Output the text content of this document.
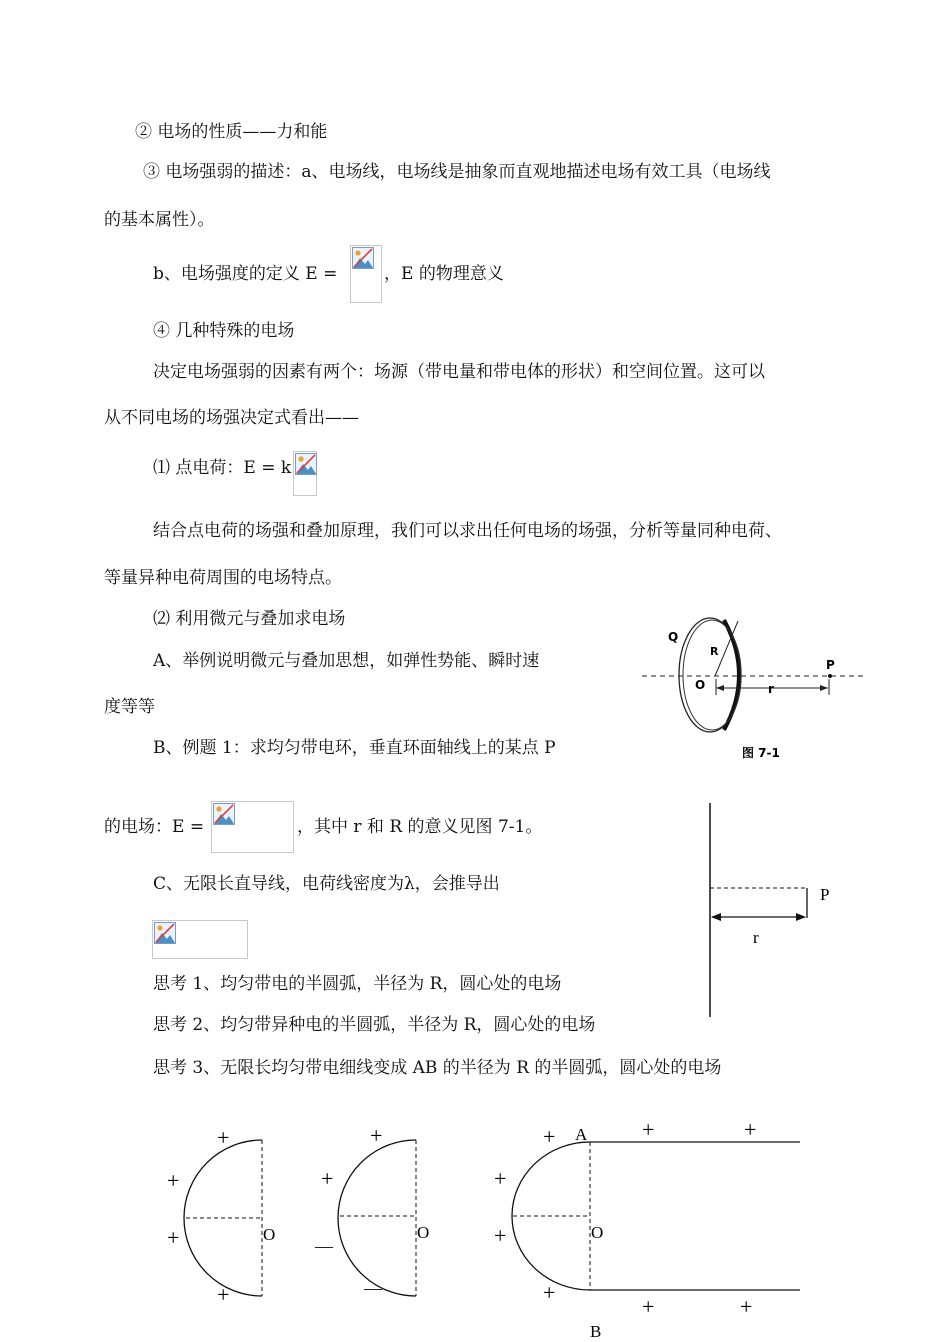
② 电场的性质——力和能
③ 电场强弱的描述：a、电场线，电场线是抽象而直观地描述电场有效工具（电场线
的基本属性）。
b、电场强度的定义 E =	，E 的物理意义
④ 几种特殊的电场
决定电场强弱的因素有两个：场源（带电量和带电体的形状）和空间位置。这可以
从不同电场的场强决定式看出——
⑴ 点电荷：E = k
结合点电荷的场强和叠加原理，我们可以求出任何电场的场强，分析等量同种电荷、
等量异种电荷周围的电场特点。
⑵ 利用微元与叠加求电场
A、举例说明微元与叠加思想，如弹性势能、瞬时速
度等等
B、例题 1：求均匀带电环，垂直环面轴线上的某点 P
的电场：E =	，其中 r 和 R 的意义见图 7-1。
C、无限长直导线，电荷线密度为λ，会推导出
思考 1、均匀带电的半圆弧，半径为 R，圆心处的电场
思考 2、均匀带异种电的半圆弧，半径为 R，圆心处的电场
思考 3、无限长均匀带电细线变成 AB 的半径为 R 的半圆弧，圆心处的电场
Q
R
O	r
P
图 7-1
P
r
O
+
+
+
+
O
+
+
—
—
O
A
B
+	+	+
+
+
+
+	+
